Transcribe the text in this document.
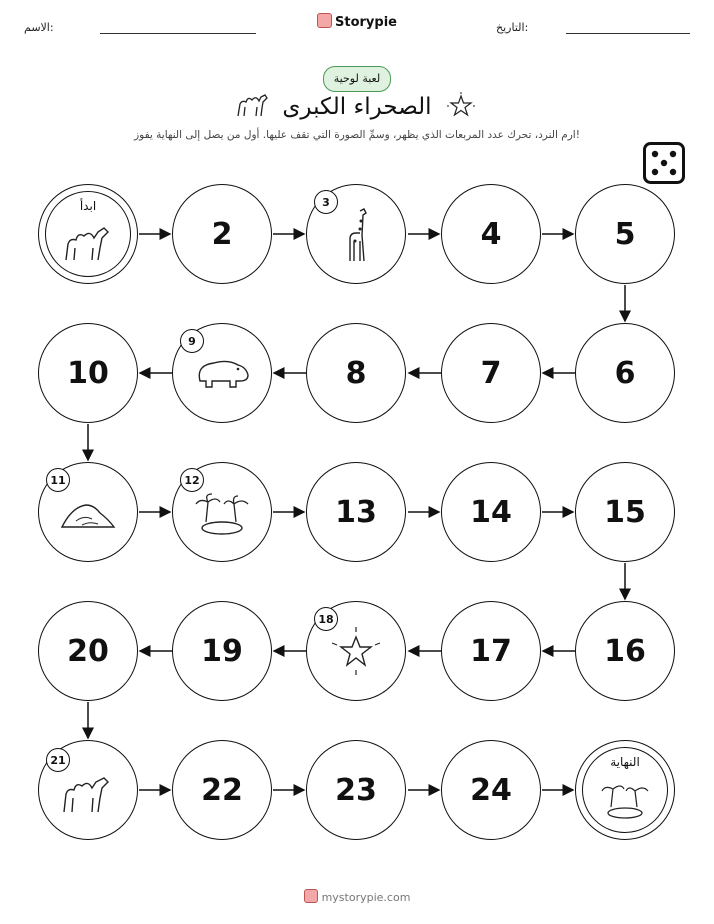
الاسم:	التاريخ:
Storypie
لعبة لوحية
الصحراء الكبرى
ارم النرد، تحرك عدد المربعات الذي يظهر، وسمِّ الصورة التي تقف عليها. أول من يصل إلى النهاية يفوز!
ابدأ
2
3
4	5
6
7
8
9
10
11	12
13	14	15
16
17
18
19
20
21
22	23	24
النهاية
mystorypie.com
